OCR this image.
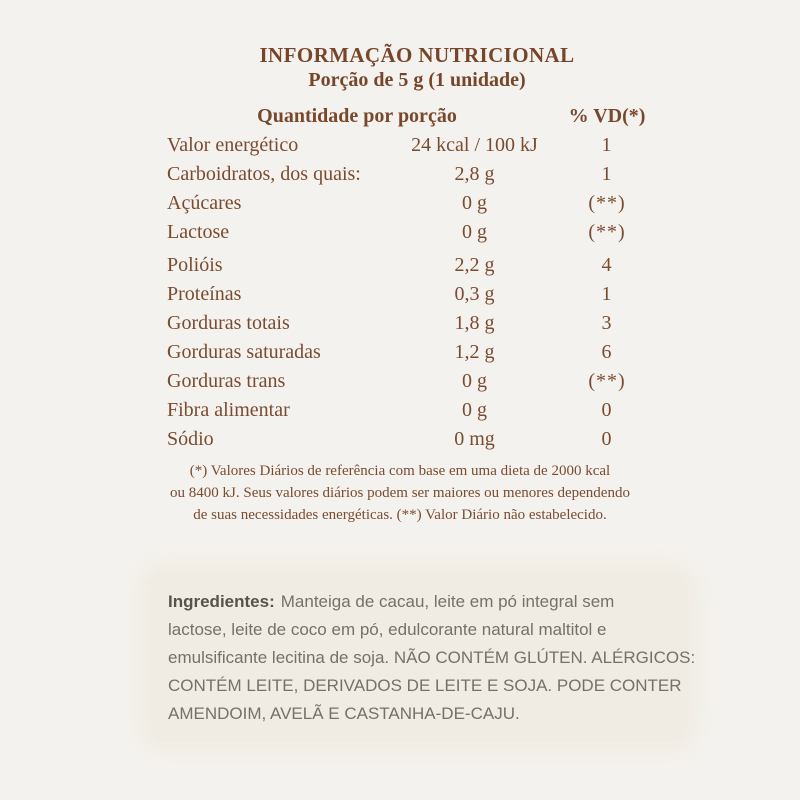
INFORMAÇÃO NUTRICIONAL
Porção de 5 g (1 unidade)
Quantidade por porção	% VD(*)
Valor energético	24 kcal / 100 kJ	1
Carboidratos, dos quais:	2,8 g	1
Açúcares	0 g	(**)
Lactose	0 g	(**)
Polióis	2,2 g	4
Proteínas	0,3 g	1
Gorduras totais	1,8 g	3
Gorduras saturadas	1,2 g	6
Gorduras trans	0 g	(**)
Fibra alimentar	0 g	0
Sódio	0 mg	0
(*) Valores Diários de referência com base em uma dieta de 2000 kcal
ou 8400 kJ. Seus valores diários podem ser maiores ou menores dependendo
de suas necessidades energéticas. (**) Valor Diário não estabelecido.
Ingredientes: Manteiga de cacau, leite em pó integral sem
lactose, leite de coco em pó, edulcorante natural maltitol e
emulsificante lecitina de soja. NÃO CONTÉM GLÚTEN. ALÉRGICOS:
CONTÉM LEITE, DERIVADOS DE LEITE E SOJA. PODE CONTER
AMENDOIM, AVELÃ E CASTANHA-DE-CAJU.
